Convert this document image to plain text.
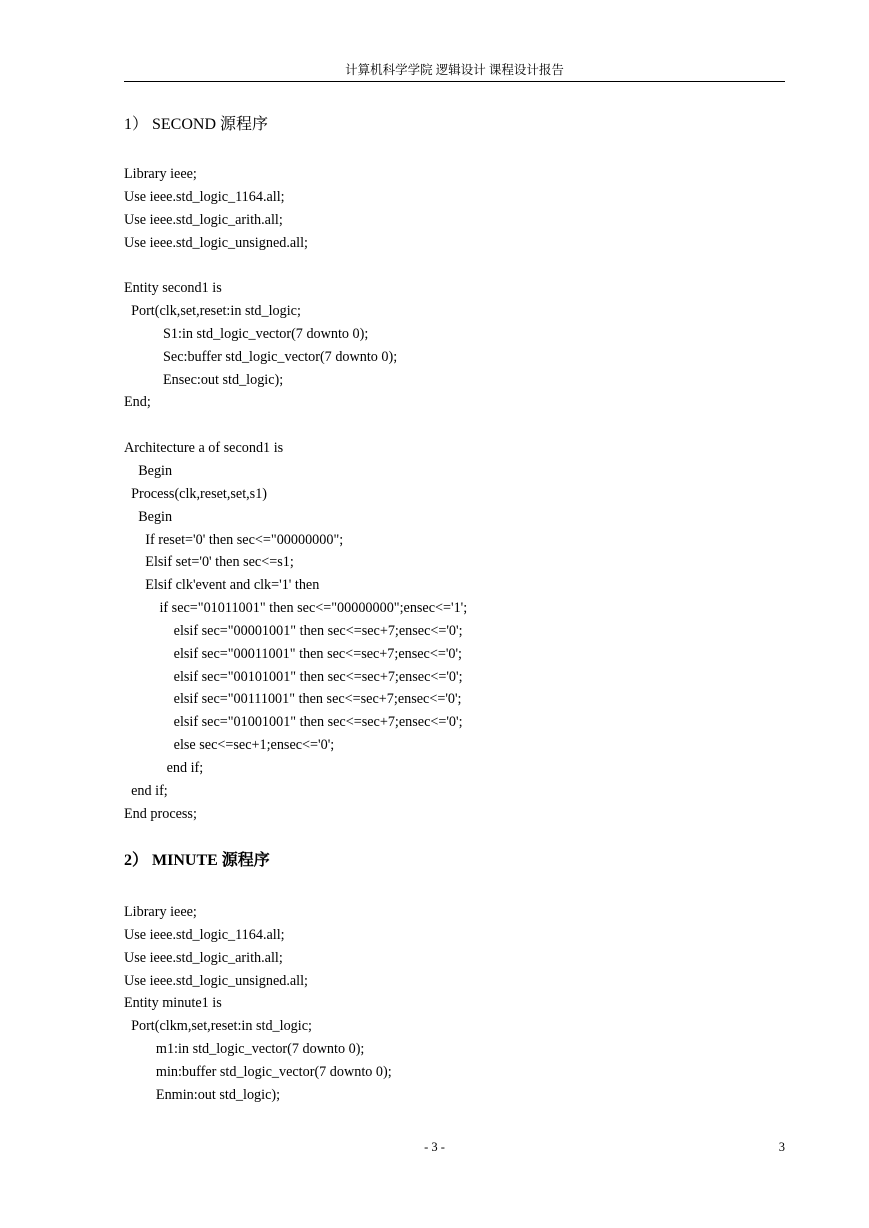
计算机科学学院 逻辑设计 课程设计报告
1） SECOND 源程序
Library ieee;
Use ieee.std_logic_1164.all;
Use ieee.std_logic_arith.all;
Use ieee.std_logic_unsigned.all;
Entity second1 is
Port(clk,set,reset:in std_logic;
S1:in std_logic_vector(7 downto 0);
Sec:buffer std_logic_vector(7 downto 0);
Ensec:out std_logic);
End;
Architecture a of second1 is
Begin
Process(clk,reset,set,s1)
Begin
If reset='0' then sec<="00000000";
Elsif set='0' then sec<=s1;
Elsif clk'event and clk='1' then
if sec="01011001" then sec<="00000000";ensec<='1';
elsif sec="00001001" then sec<=sec+7;ensec<='0';
elsif sec="00011001" then sec<=sec+7;ensec<='0';
elsif sec="00101001" then sec<=sec+7;ensec<='0';
elsif sec="00111001" then sec<=sec+7;ensec<='0';
elsif sec="01001001" then sec<=sec+7;ensec<='0';
else sec<=sec+1;ensec<='0';
end if;
end if;
End process;
2） MINUTE 源程序
Library ieee;
Use ieee.std_logic_1164.all;
Use ieee.std_logic_arith.all;
Use ieee.std_logic_unsigned.all;
Entity minute1 is
Port(clkm,set,reset:in std_logic;
m1:in std_logic_vector(7 downto 0);
min:buffer std_logic_vector(7 downto 0);
Enmin:out std_logic);
- 3 -	3
